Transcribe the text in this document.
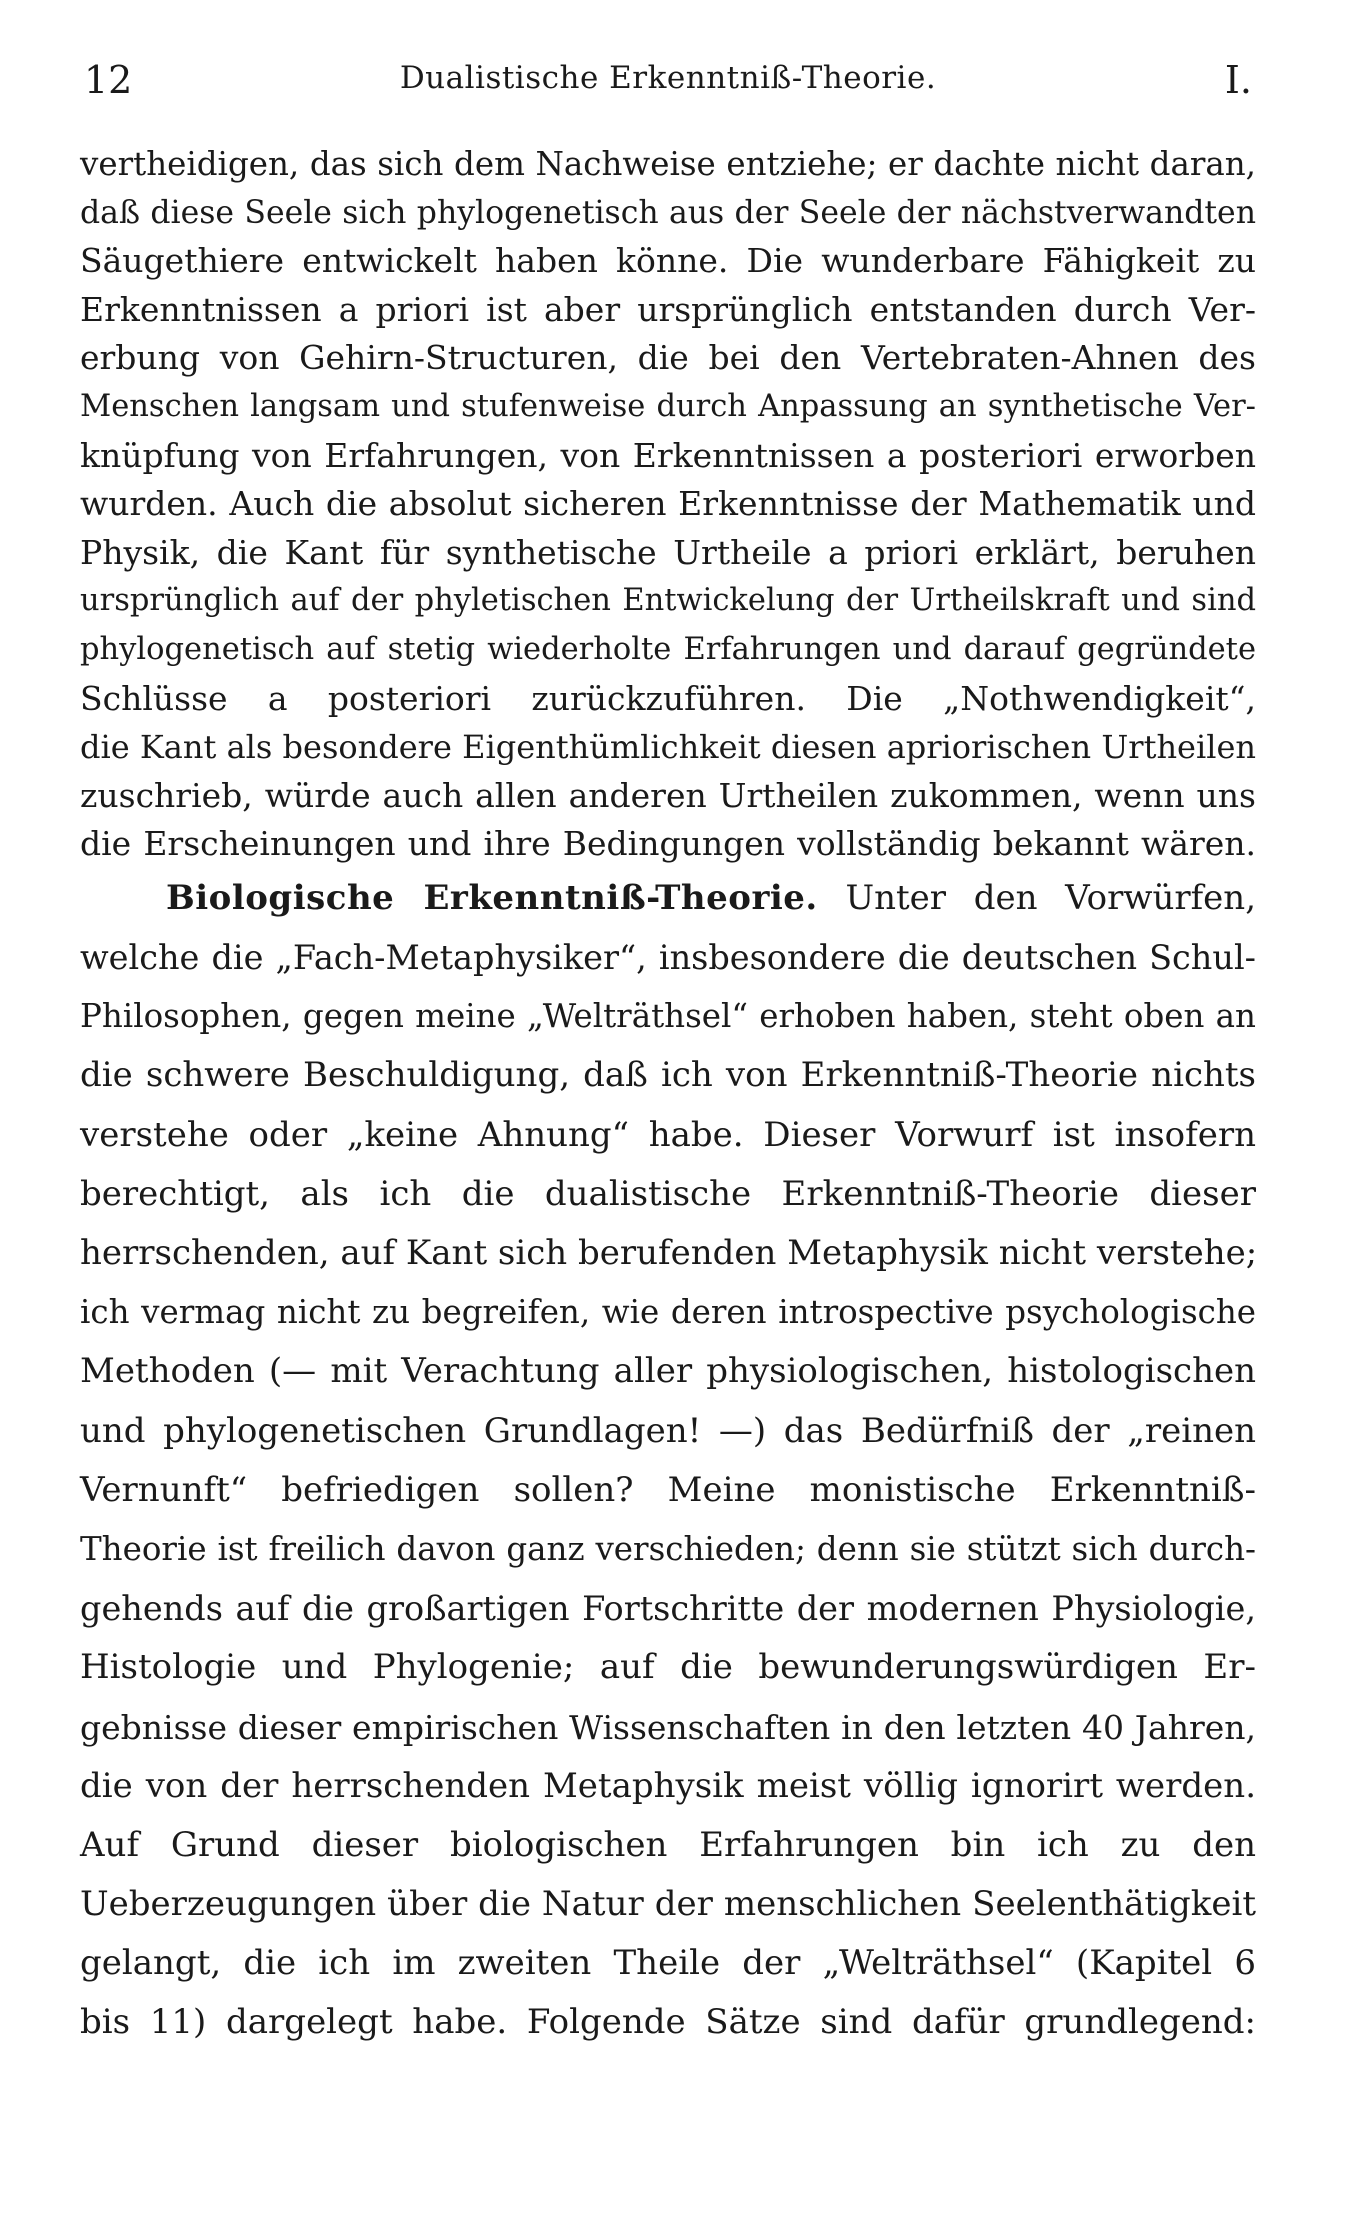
12	Dualistische Erkenntniß-Theorie.	I.
vertheidigen, das sich dem Nachweise entziehe; er dachte nicht daran,
daß diese Seele sich phylogenetisch aus der Seele der nächstverwandten
Säugethiere entwickelt haben könne. Die wunderbare Fähigkeit zu
Erkenntnissen a priori ist aber ursprünglich entstanden durch Ver-
erbung von Gehirn-Structuren, die bei den Vertebraten-Ahnen des
Menschen langsam und stufenweise durch Anpassung an synthetische Ver-
knüpfung von Erfahrungen, von Erkenntnissen a posteriori erworben
wurden. Auch die absolut sicheren Erkenntnisse der Mathematik und
Physik, die Kant für synthetische Urtheile a priori erklärt, beruhen
ursprünglich auf der phyletischen Entwickelung der Urtheilskraft und sind
phylogenetisch auf stetig wiederholte Erfahrungen und darauf gegründete
Schlüsse a posteriori zurückzuführen. Die „Nothwendigkeit“,
die Kant als besondere Eigenthümlichkeit diesen apriorischen Urtheilen
zuschrieb, würde auch allen anderen Urtheilen zukommen, wenn uns
die Erscheinungen und ihre Bedingungen vollständig bekannt wären.
Biologische Erkenntniß-Theorie. Unter den Vorwürfen,
welche die „Fach-Metaphysiker“, insbesondere die deutschen Schul-
Philosophen, gegen meine „Welträthsel“ erhoben haben, steht oben an
die schwere Beschuldigung, daß ich von Erkenntniß-Theorie nichts
verstehe oder „keine Ahnung“ habe. Dieser Vorwurf ist insofern
berechtigt, als ich die dualistische Erkenntniß-Theorie dieser
herrschenden, auf Kant sich berufenden Metaphysik nicht verstehe;
ich vermag nicht zu begreifen, wie deren introspective psychologische
Methoden (— mit Verachtung aller physiologischen, histologischen
und phylogenetischen Grundlagen! —) das Bedürfniß der „reinen
Vernunft“ befriedigen sollen? Meine monistische Erkenntniß-
Theorie ist freilich davon ganz verschieden; denn sie stützt sich durch-
gehends auf die großartigen Fortschritte der modernen Physiologie,
Histologie und Phylogenie; auf die bewunderungswürdigen Er-
gebnisse dieser empirischen Wissenschaften in den letzten 40 Jahren,
die von der herrschenden Metaphysik meist völlig ignorirt werden.
Auf Grund dieser biologischen Erfahrungen bin ich zu den
Ueberzeugungen über die Natur der menschlichen Seelenthätigkeit
gelangt, die ich im zweiten Theile der „Welträthsel“ (Kapitel 6
bis 11) dargelegt habe. Folgende Sätze sind dafür grundlegend:
